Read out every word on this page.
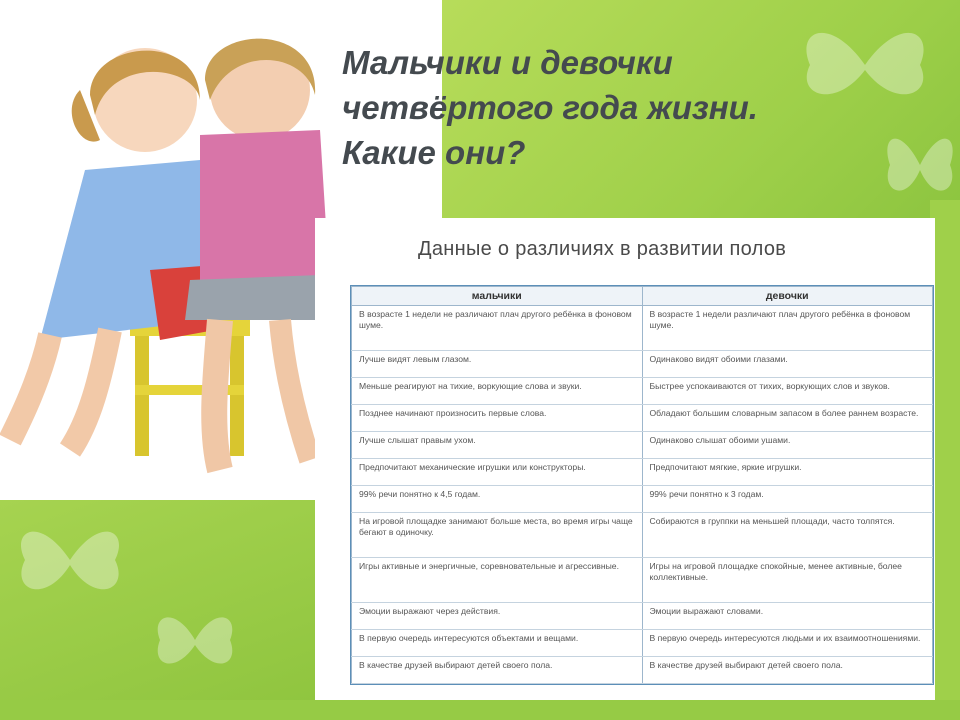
Мальчики и девочки
четвёртого года жизни.
Какие они?
Данные о различиях в развитии полов
мальчики	девочки
В возрасте 1 недели не различают плач другого ребёнка в фоновом шуме.	В возрасте 1 недели различают плач другого ребёнка в фоновом шуме.
Лучше видят левым глазом.	Одинаково видят обоими глазами.
Меньше реагируют на тихие, воркующие слова и звуки.	Быстрее успокаиваются от тихих, воркующих слов и звуков.
Позднее начинают произносить первые слова.	Обладают большим словарным запасом в более раннем возрасте.
Лучше слышат правым ухом.	Одинаково слышат обоими ушами.
Предпочитают механические игрушки или конструкторы.	Предпочитают мягкие, яркие игрушки.
99% речи понятно к 4,5 годам.	99% речи понятно к 3 годам.
На игровой площадке занимают больше места, во время игры чаще бегают в одиночку.	Собираются в группки на меньшей площади, часто толпятся.
Игры активные и энергичные, соревновательные и агрессивные.	Игры на игровой площадке спокойные, менее активные, более коллективные.
Эмоции выражают через действия.	Эмоции выражают словами.
В первую очередь интересуются объектами и вещами.	В первую очередь интересуются людьми и их взаимоотношениями.
В качестве друзей выбирают детей своего пола.	В качестве друзей выбирают детей своего пола.
